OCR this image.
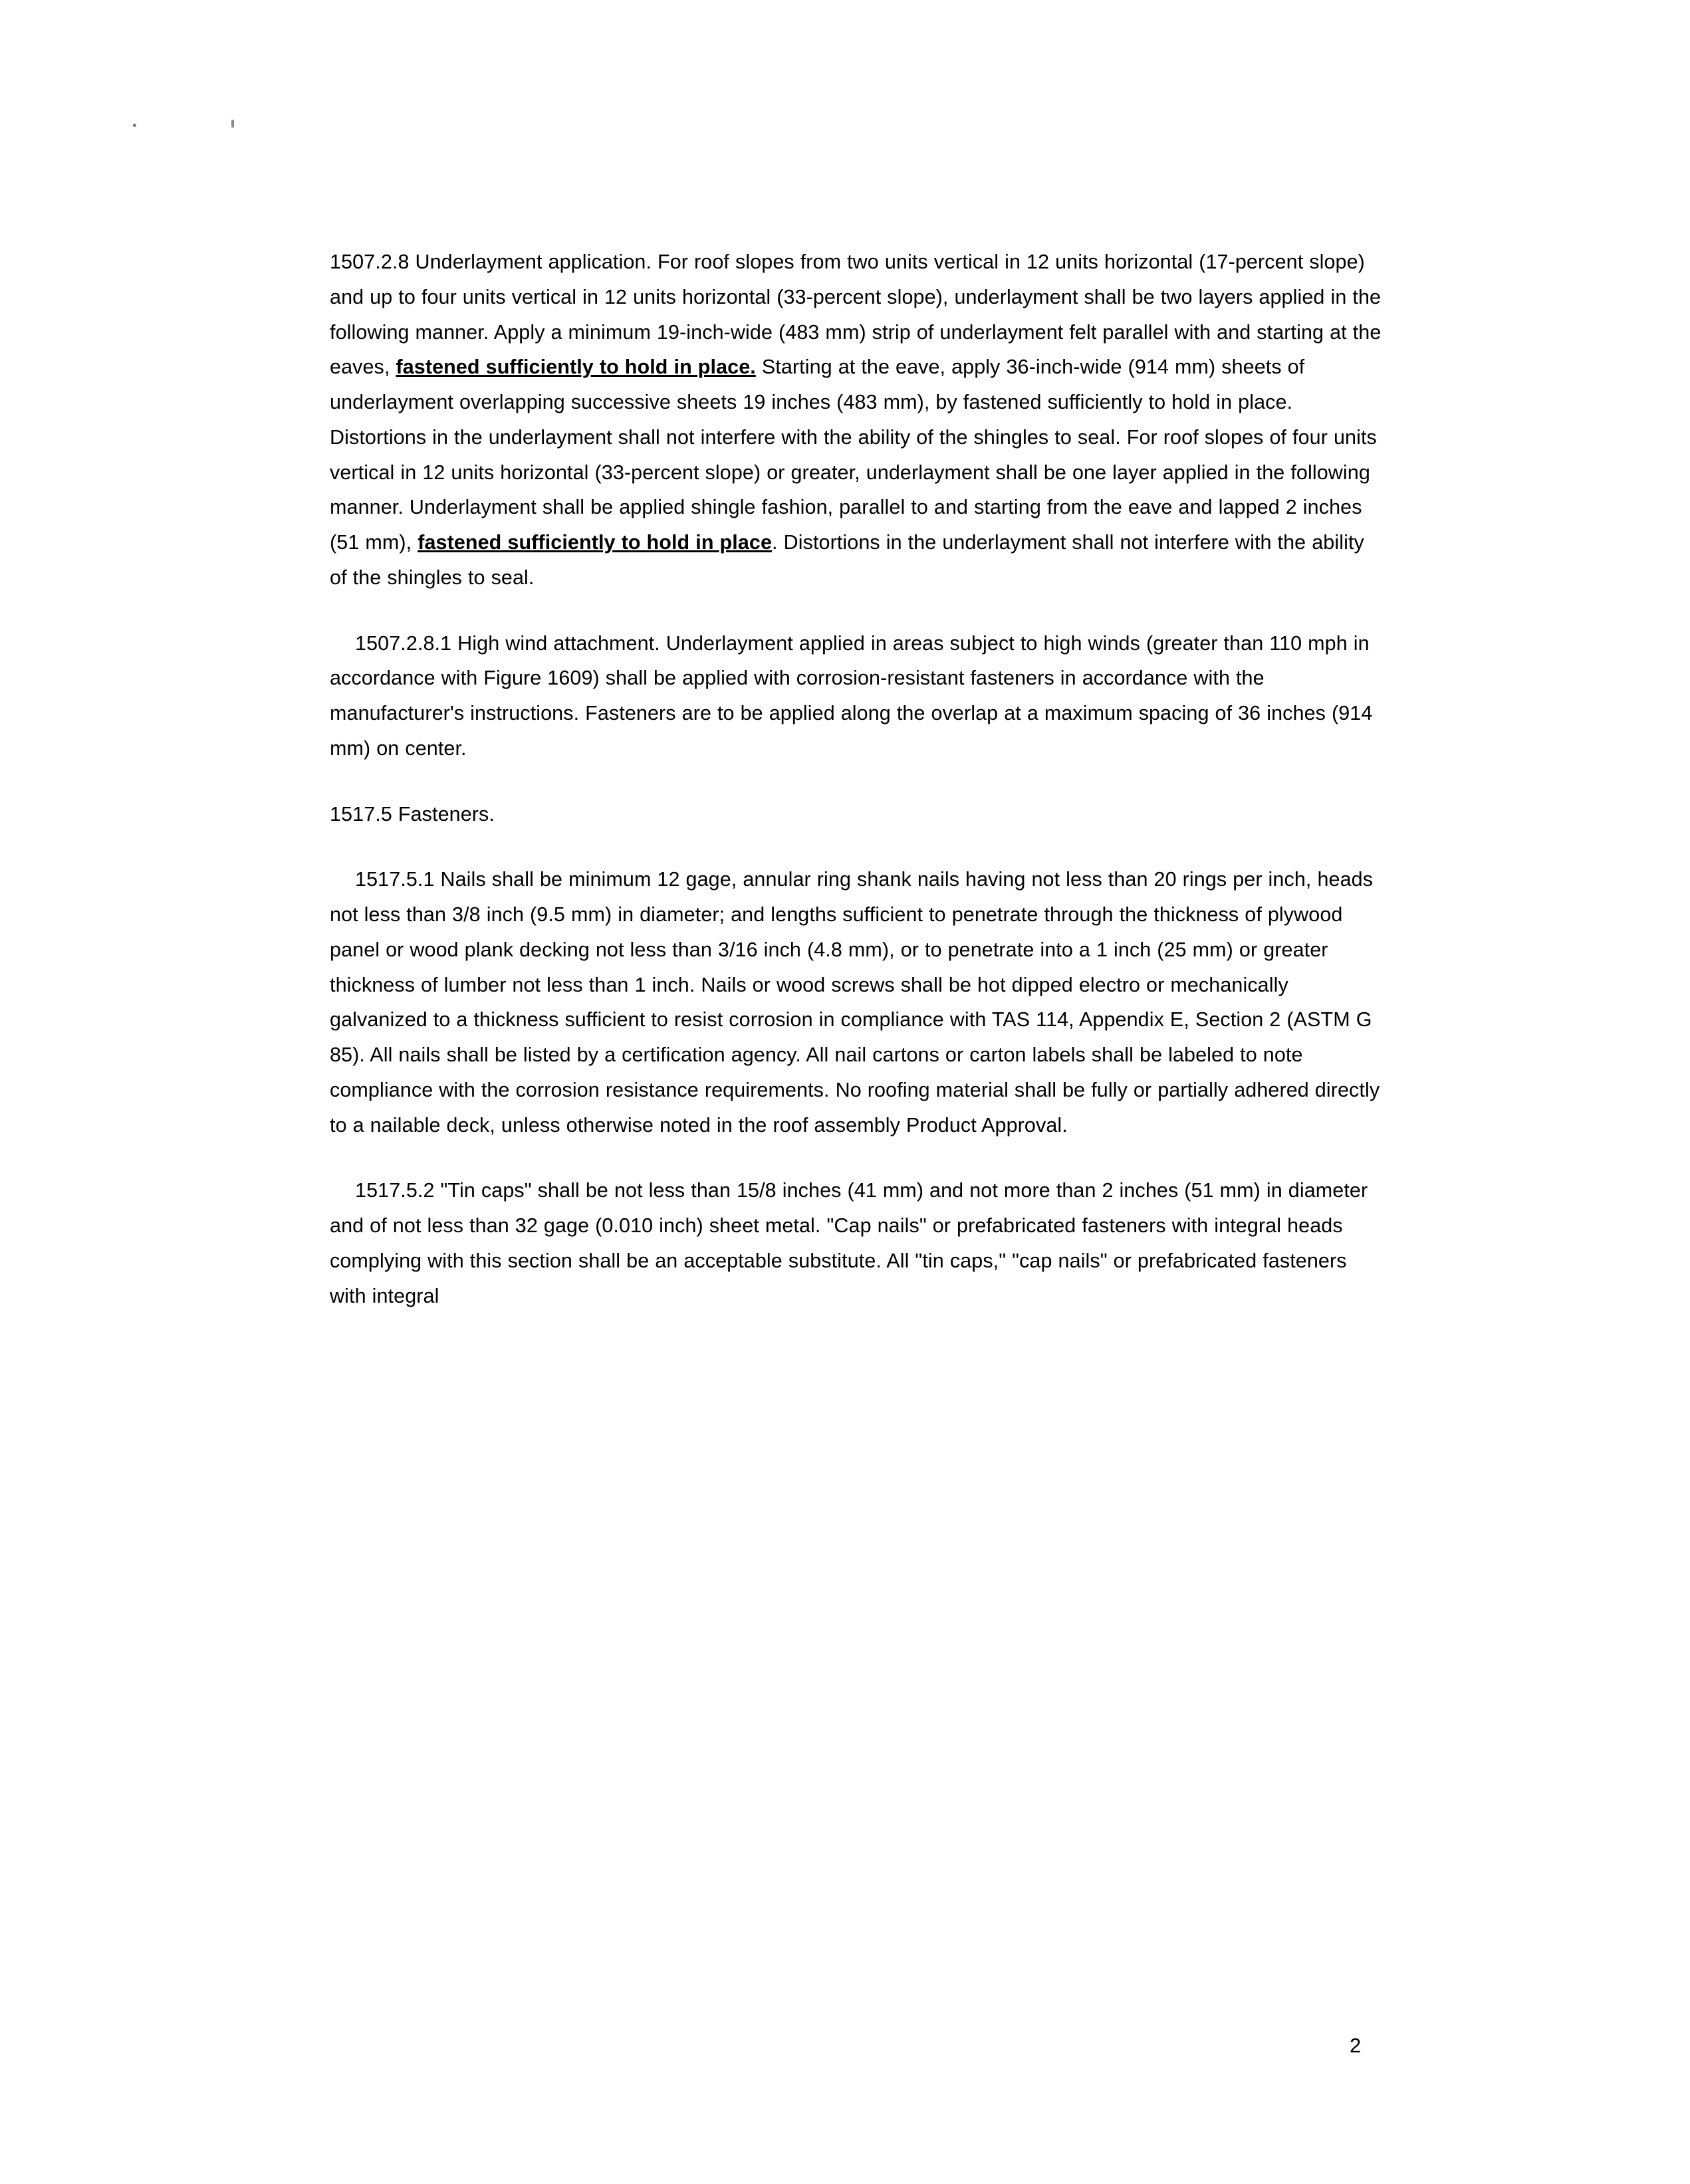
1507.2.8 Underlayment application. For roof slopes from two units vertical in 12 units horizontal (17-percent slope) and up to four units vertical in 12 units horizontal (33-percent slope), underlayment shall be two layers applied in the following manner. Apply a minimum 19-inch-wide (483 mm) strip of underlayment felt parallel with and starting at the eaves, fastened sufficiently to hold in place. Starting at the eave, apply 36-inch-wide (914 mm) sheets of underlayment overlapping successive sheets 19 inches (483 mm), by fastened sufficiently to hold in place. Distortions in the underlayment shall not interfere with the ability of the shingles to seal. For roof slopes of four units vertical in 12 units horizontal (33-percent slope) or greater, underlayment shall be one layer applied in the following manner. Underlayment shall be applied shingle fashion, parallel to and starting from the eave and lapped 2 inches (51 mm), fastened sufficiently to hold in place. Distortions in the underlayment shall not interfere with the ability of the shingles to seal.

1507.2.8.1 High wind attachment. Underlayment applied in areas subject to high winds (greater than 110 mph in accordance with Figure 1609) shall be applied with corrosion-resistant fasteners in accordance with the manufacturer's instructions. Fasteners are to be applied along the overlap at a maximum spacing of 36 inches (914 mm) on center.

1517.5 Fasteners.

1517.5.1 Nails shall be minimum 12 gage, annular ring shank nails having not less than 20 rings per inch, heads not less than 3/8 inch (9.5 mm) in diameter; and lengths sufficient to penetrate through the thickness of plywood panel or wood plank decking not less than 3/16 inch (4.8 mm), or to penetrate into a 1 inch (25 mm) or greater thickness of lumber not less than 1 inch. Nails or wood screws shall be hot dipped electro or mechanically galvanized to a thickness sufficient to resist corrosion in compliance with TAS 114, Appendix E, Section 2 (ASTM G 85). All nails shall be listed by a certification agency. All nail cartons or carton labels shall be labeled to note compliance with the corrosion resistance requirements. No roofing material shall be fully or partially adhered directly to a nailable deck, unless otherwise noted in the roof assembly Product Approval.

1517.5.2 "Tin caps" shall be not less than 15/8 inches (41 mm) and not more than 2 inches (51 mm) in diameter and of not less than 32 gage (0.010 inch) sheet metal. "Cap nails" or prefabricated fasteners with integral heads complying with this section shall be an acceptable substitute. All "tin caps," "cap nails" or prefabricated fasteners with integral

2
